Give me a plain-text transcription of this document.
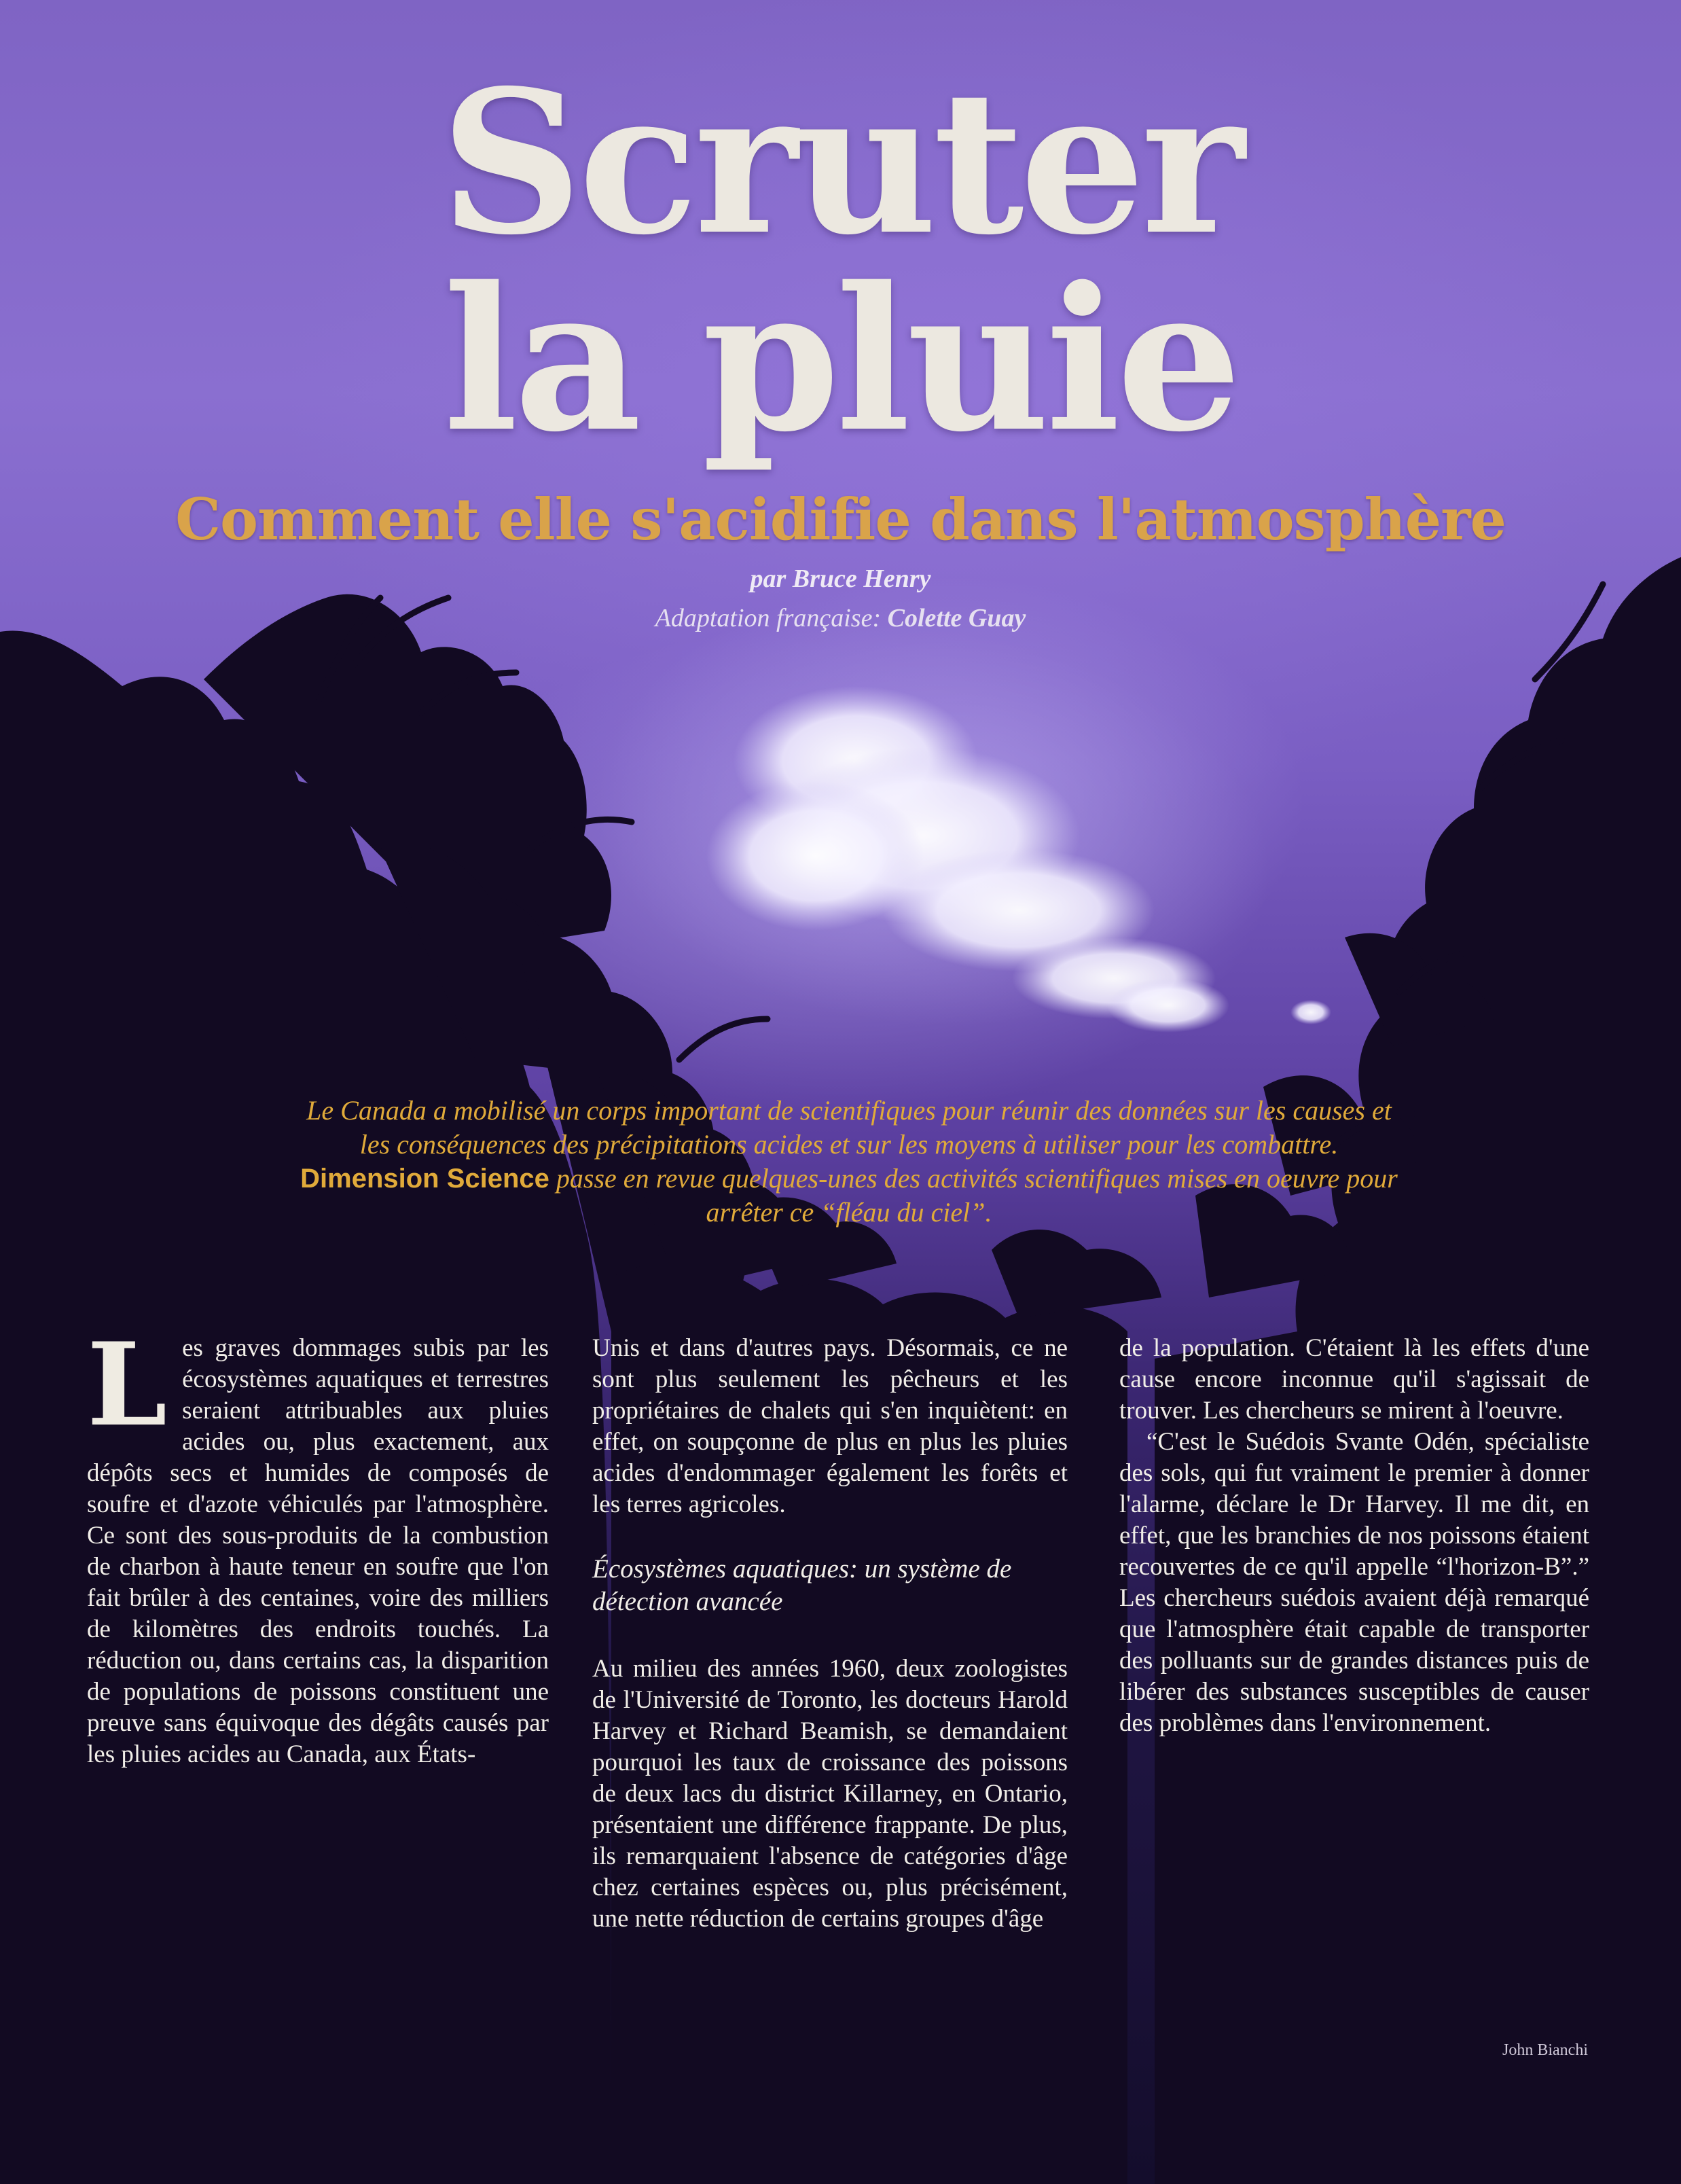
Scruter
la pluie
Comment elle s'acidifie dans l'atmosphère

par Bruce Henry

Adaptation française: Colette Guay

Le Canada a mobilisé un corps important de scientifiques pour réunir des données sur les causes et les conséquences des précipitations acides et sur les moyens à utiliser pour les combattre. Dimension Science passe en revue quelques-unes des activités scientifiques mises en oeuvre pour arrêter ce “fléau du ciel”.

L es graves dommages subis par les écosystèmes aquatiques et terrestres seraient attribuables aux pluies acides ou, plus exactement, aux dépôts secs et humides de composés de soufre et d'azote véhiculés par l'atmosphère. Ce sont des sous-produits de la combustion de charbon à haute teneur en soufre que l'on fait brûler à des centaines, voire des milliers de kilomètres des endroits touchés. La réduction ou, dans certains cas, la disparition de populations de poissons constituent une preuve sans équivoque des dégâts causés par les pluies acides au Canada, aux États-

Unis et dans d'autres pays. Désormais, ce ne sont plus seulement les pêcheurs et les propriétaires de chalets qui s'en inquiètent: en effet, on soupçonne de plus en plus les pluies acides d'endommager également les forêts et les terres agricoles.

Écosystèmes aquatiques: un système de détection avancée

Au milieu des années 1960, deux zoologistes de l'Université de Toronto, les docteurs Harold Harvey et Richard Beamish, se demandaient pourquoi les taux de croissance des poissons de deux lacs du district Killarney, en Ontario, présentaient une différence frappante. De plus, ils remarquaient l'absence de catégories d'âge chez certaines espèces ou, plus précisément, une nette réduction de certains groupes d'âge

de la population. C'étaient là les effets d'une cause encore inconnue qu'il s'agissait de trouver. Les chercheurs se mirent à l'oeuvre.

“C'est le Suédois Svante Odén, spécialiste des sols, qui fut vraiment le premier à donner l'alarme, déclare le Dr Harvey. Il me dit, en effet, que les branchies de nos poissons étaient recouvertes de ce qu'il appelle “l'horizon-B”.” Les chercheurs suédois avaient déjà remarqué que l'atmosphère était capable de transporter des polluants sur de grandes distances puis de libérer des substances susceptibles de causer des problèmes dans l'environnement.

John Bianchi
